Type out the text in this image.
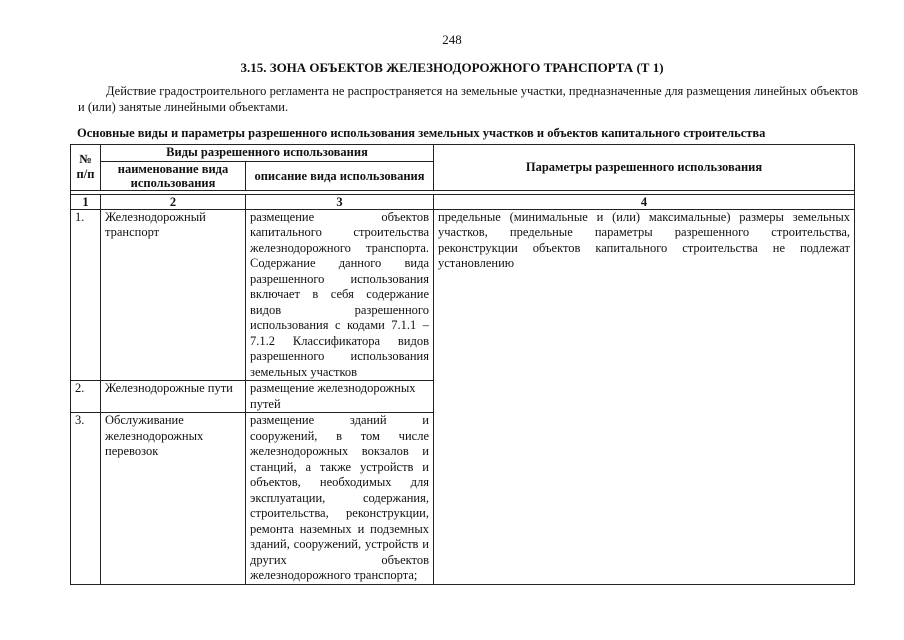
248
3.15. ЗОНА ОБЪЕКТОВ ЖЕЛЕЗНОДОРОЖНОГО ТРАНСПОРТА (Т 1)
Действие градостроительного регламента не распространяется на земельные участки, предназначенные для размещения линейных объектов и (или) занятые линейными объектами.
Основные виды и параметры разрешенного использования земельных участков и объектов капитального строительства
№ п/п	Виды разрешенного использования		Параметры разрешенного использования
	наименование вида использования	описание вида использования	

1	2	3	4
1.	Железнодорожный транспорт	размещение объектов капитального строительства железнодорожного транспорта. Содержание данного вида разрешенного использования включает в себя содержание видов разрешенного использования с кодами 7.1.1 – 7.1.2 Классификатора видов разрешенного использования земельных участков	предельные (минимальные и (или) максимальные) размеры земельных участков, предельные параметры разрешенного строительства, реконструкции объектов капитального строительства не подлежат установлению
2.	Железнодорожные пути	размещение железнодорожных путей	
3.	Обслуживание железнодорожных перевозок	размещение зданий и сооружений, в том числе железнодорожных вокзалов и станций, а также устройств и объектов, необходимых для эксплуатации, содержания, строительства, реконструкции, ремонта наземных и подземных зданий, сооружений, устройств и других объектов железнодорожного транспорта;	
